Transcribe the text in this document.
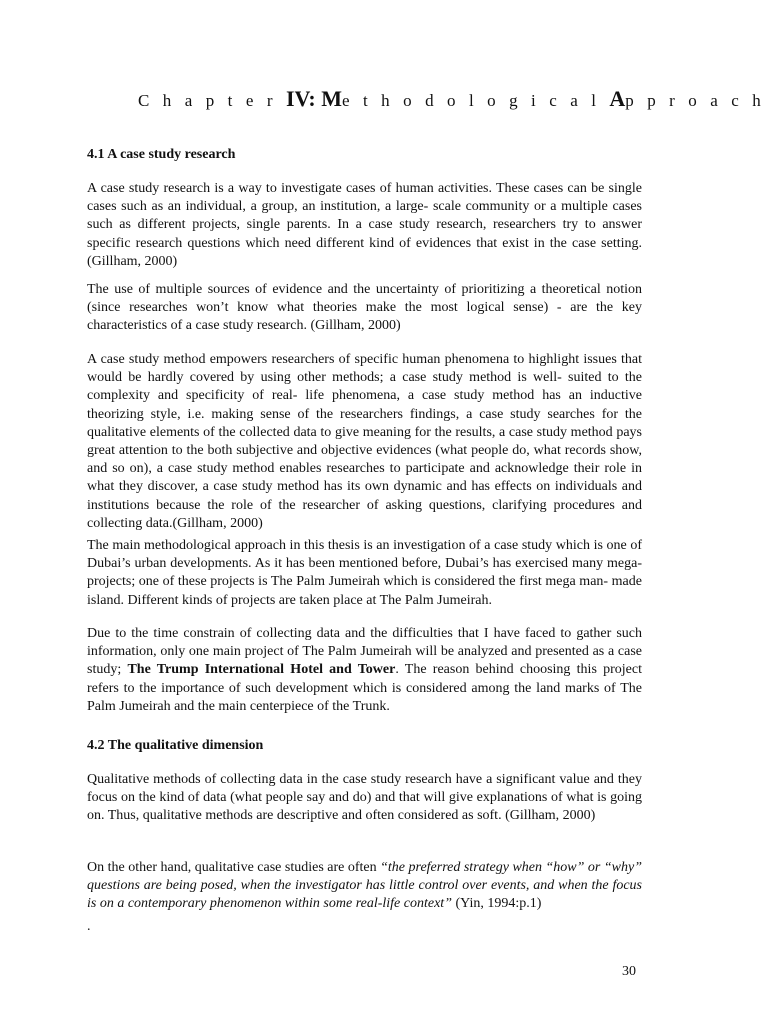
C h a p t e r IV: Me t h o d o l o g i c a l Ap p r o a c h
4.1 A case study research
A case study research is a way to investigate cases of human activities. These cases can be single cases such as an individual, a group, an institution, a large- scale community or a multiple cases such as different projects, single parents. In a case study research, researchers try to answer specific research questions which need different kind of evidences that exist in the case setting. (Gillham, 2000)
The use of multiple sources of evidence and the uncertainty of prioritizing a theoretical notion (since researches won’t know what theories make the most logical sense) - are the key characteristics of a case study research. (Gillham, 2000)
A case study method empowers researchers of specific human phenomena to highlight issues that would be hardly covered by using other methods; a case study method is well- suited to the complexity and specificity of real- life phenomena, a case study method has an inductive theorizing style, i.e. making sense of the researchers findings, a case study searches for the qualitative elements of the collected data to give meaning for the results, a case study method pays great attention to the both subjective and objective evidences (what people do, what records show, and so on), a case study method enables researches to participate and acknowledge their role in what they discover, a case study method has its own dynamic and has effects on individuals and institutions because the role of the researcher of asking questions, clarifying procedures and collecting data.(Gillham, 2000)
The main methodological approach in this thesis is an investigation of a case study which is one of Dubai’s urban developments. As it has been mentioned before, Dubai’s has exercised many mega-projects; one of these projects is The Palm Jumeirah which is considered the first mega man- made island. Different kinds of projects are taken place at The Palm Jumeirah.
Due to the time constrain of collecting data and the difficulties that I have faced to gather such information, only one main project of The Palm Jumeirah will be analyzed and presented as a case study; The Trump International Hotel and Tower. The reason behind choosing this project refers to the importance of such development which is considered among the land marks of The Palm Jumeirah and the main centerpiece of the Trunk.
4.2 The qualitative dimension
Qualitative methods of collecting data in the case study research have a significant value and they focus on the kind of data (what people say and do) and that will give explanations of what is going on. Thus, qualitative methods are descriptive and often considered as soft. (Gillham, 2000)
On the other hand, qualitative case studies are often “the preferred strategy when “how” or “why” questions are being posed, when the investigator has little control over events, and when the focus is on a contemporary phenomenon within some real-life context” (Yin, 1994:p.1)
.
30
